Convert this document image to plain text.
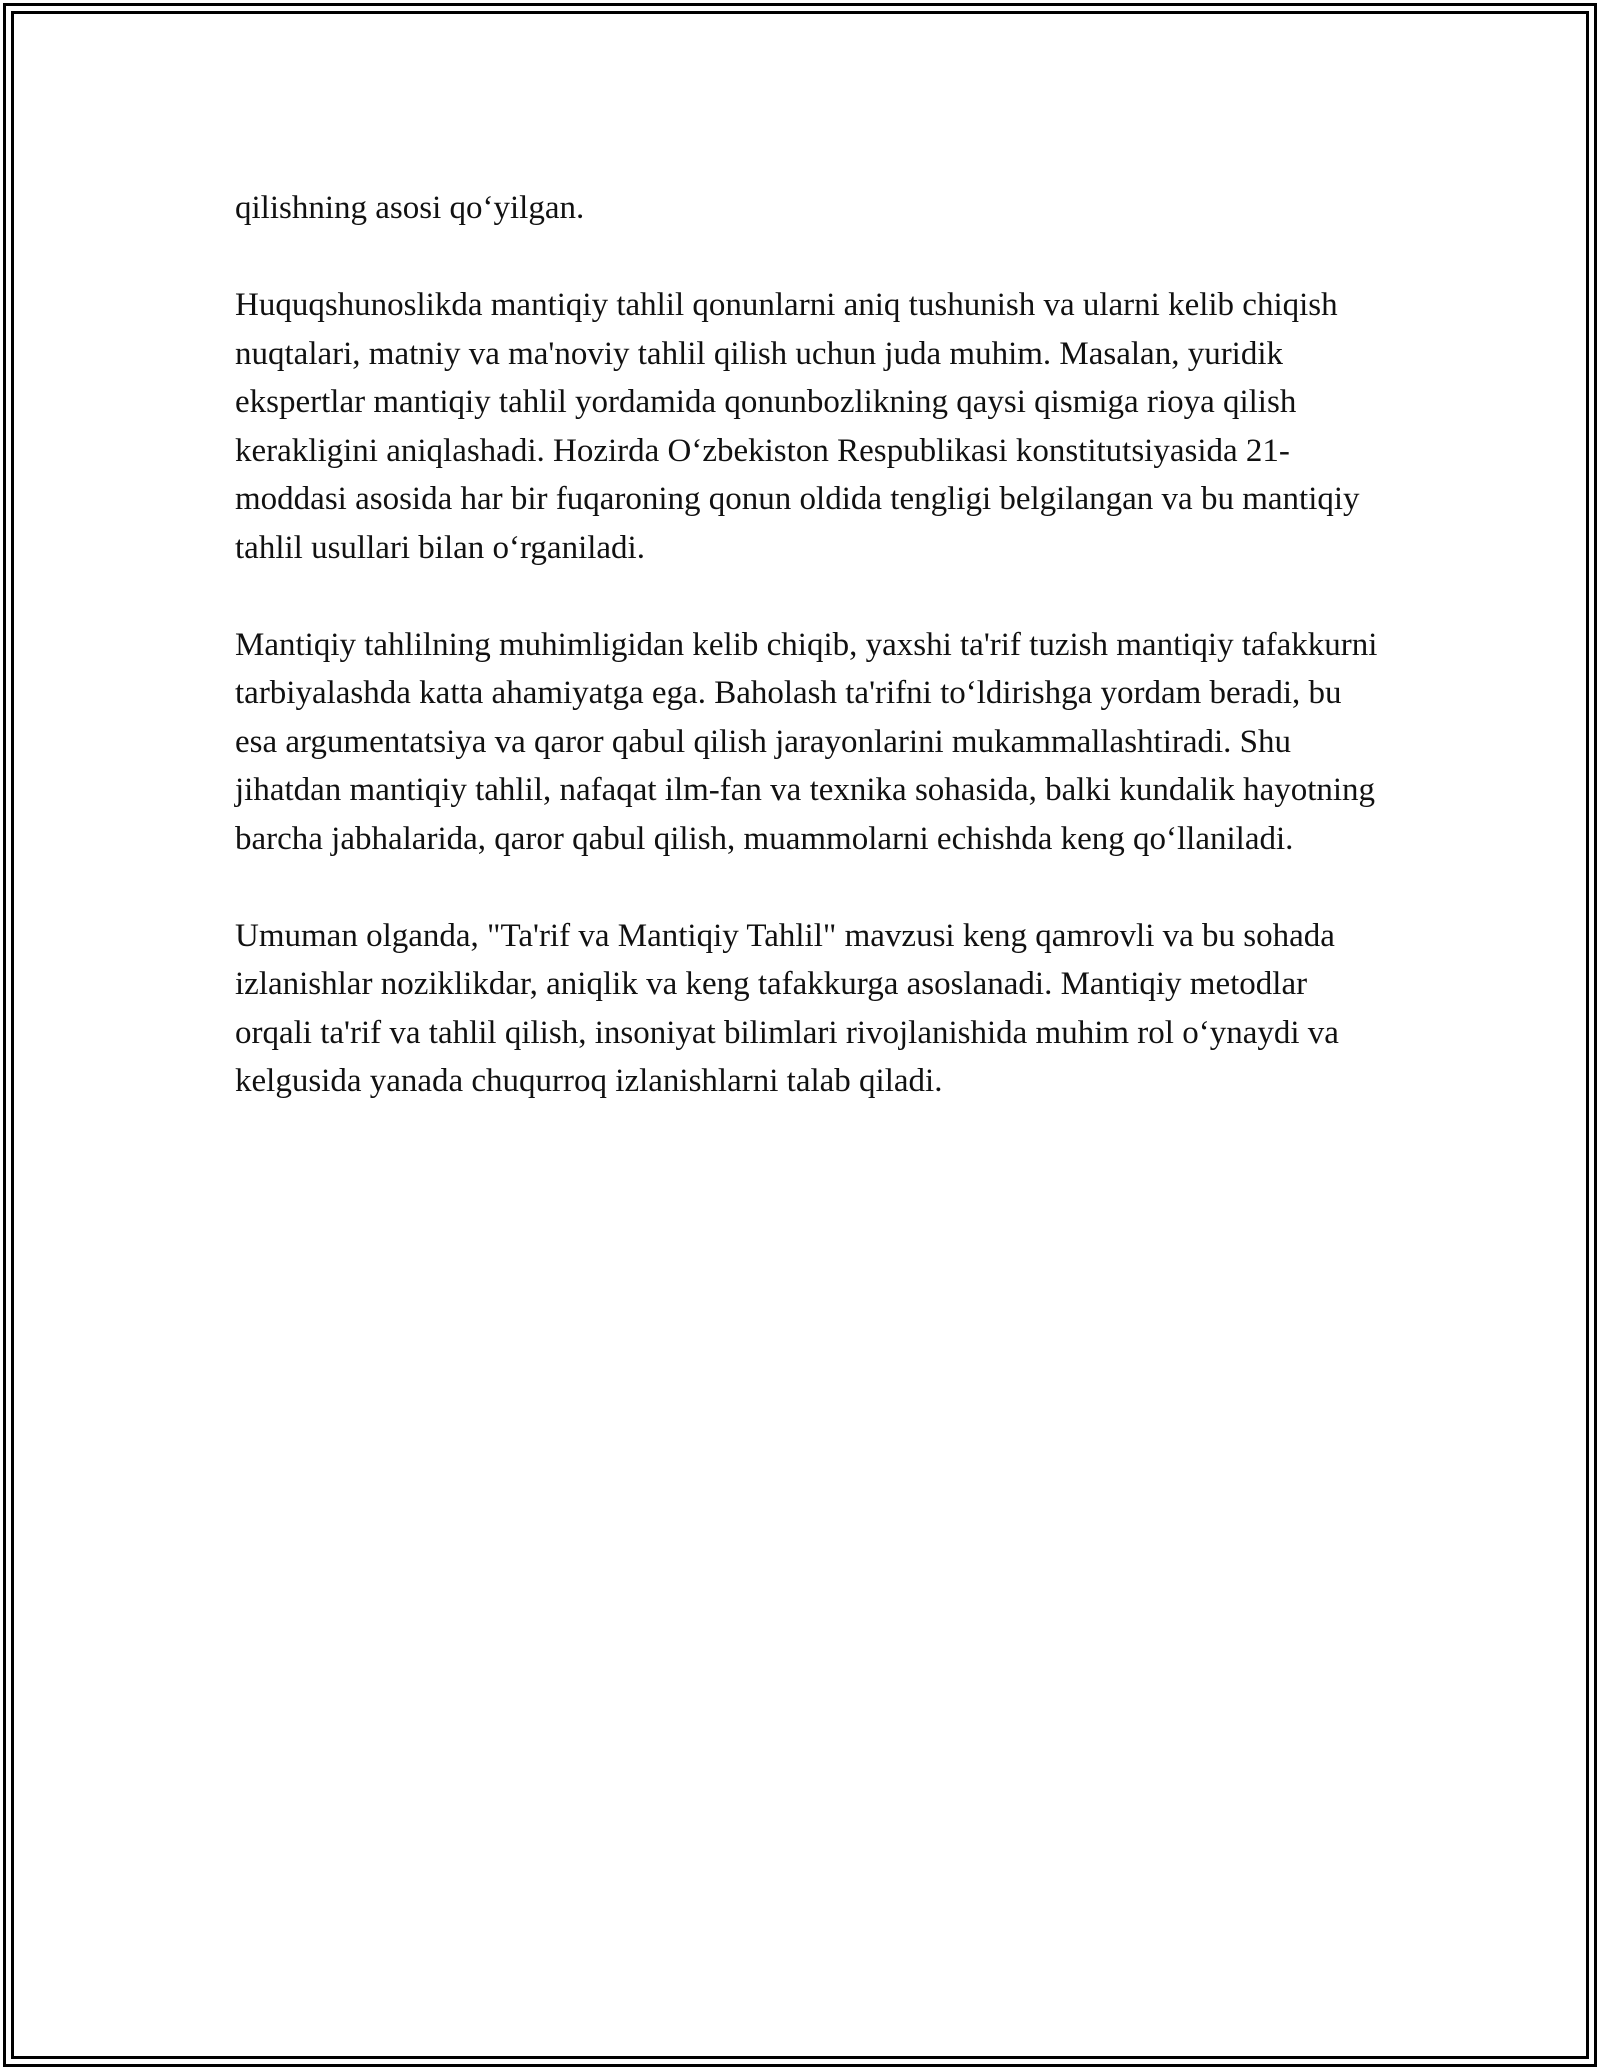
qilishning asosi qo‘yilgan.

Huquqshunoslikda mantiqiy tahlil qonunlarni aniq tushunish va ularni kelib chiqish nuqtalari, matniy va ma'noviy tahlil qilish uchun juda muhim. Masalan, yuridik ekspertlar mantiqiy tahlil yordamida qonunbozlikning qaysi qismiga rioya qilish kerakligini aniqlashadi. Hozirda O‘zbekiston Respublikasi konstitutsiyasida 21-moddasi asosida har bir fuqaroning qonun oldida tengligi belgilangan va bu mantiqiy tahlil usullari bilan o‘rganiladi.

Mantiqiy tahlilning muhimligidan kelib chiqib, yaxshi ta'rif tuzish mantiqiy tafakkurni tarbiyalashda katta ahamiyatga ega. Baholash ta'rifni to‘ldirishga yordam beradi, bu esa argumentatsiya va qaror qabul qilish jarayonlarini mukammallashtiradi. Shu jihatdan mantiqiy tahlil, nafaqat ilm-fan va texnika sohasida, balki kundalik hayotning barcha jabhalarida, qaror qabul qilish, muammolarni echishda keng qo‘llaniladi.

Umuman olganda, "Ta'rif va Mantiqiy Tahlil" mavzusi keng qamrovli va bu sohada izlanishlar noziklikdar, aniqlik va keng tafakkurga asoslanadi. Mantiqiy metodlar orqali ta'rif va tahlil qilish, insoniyat bilimlari rivojlanishida muhim rol o‘ynaydi va kelgusida yanada chuqurroq izlanishlarni talab qiladi.
